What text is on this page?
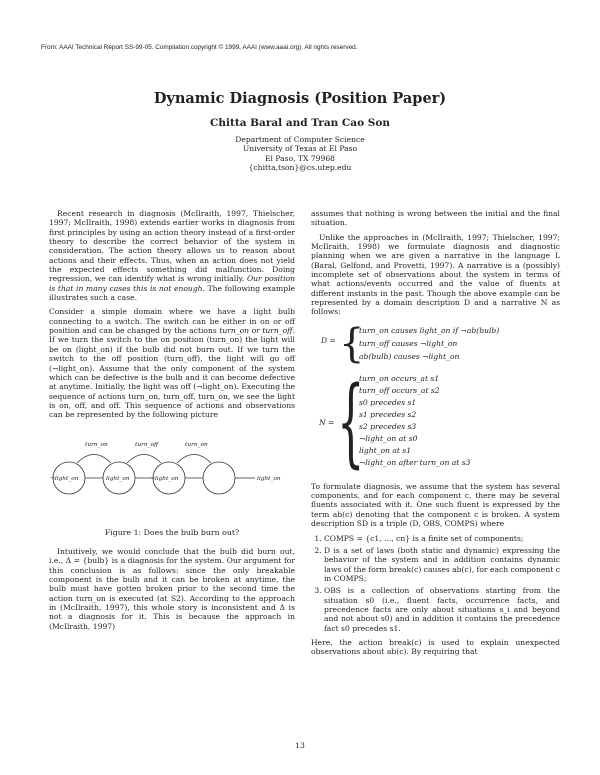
From: AAAI Technical Report SS-99-05. Compilation copyright © 1999, AAAI (www.aaai.org). All rights reserved.
Dynamic Diagnosis (Position Paper)
Chitta Baral and Tran Cao Son
Department of Computer Science
University of Texas at El Paso
El Paso, TX 79968
{chitta,tson}@cs.utep.edu

Recent research in diagnosis (McIlraith, 1997, Thielscher, 1997; McIlraith, 1998) extends earlier works in diagnosis from first principles by using an action theory instead of a first-order theory to describe the correct behavior of the system in consideration. The action theory allows us to reason about actions and their effects. Thus, when an action does not yield the expected effects something did malfunction. Doing regression, we can identify what is wrong initially. Our position is that in many cases this is not enough. The following example illustrates such a case.

Consider a simple domain where we have a light bulb connecting to a switch. The switch can be either in on or off position and can be changed by the actions turn_on or turn_off. If we turn the switch to the on position (turn_on) the light will be on (light_on) if the bulb did not burn out. If we turn the switch to the off position (turn_off), the light will go off (¬light_on). Assume that the only component of the system which can be defective is the bulb and it can become defective at anytime. Initially, the light was off (¬light_on). Executing the sequence of actions turn_on, turn_off, turn_on, we see the light is on, off, and off. This sequence of actions and observations can be represented by the following picture

¬light_on	light_on	¬light_on	light_on
turn_on	turn_off	turn_on
Figure 1: Does the bulb burn out?

Intuitively, we would conclude that the bulb did burn out, i.e., Δ = {bulb} is a diagnosis for the system. Our argument for this conclusion is as follows: since the only breakable component is the bulb and it can be broken at anytime, the bulb must have gotten broken prior to the second time the action turn_on is executed (at S2). According to the approach in (McIlraith, 1997), this whole story is inconsistent and Δ is not a diagnosis for it. This is because the approach in (McIlraith, 1997)

assumes that nothing is wrong between the initial and the final situation.

Unlike the approaches in (McIlraith, 1997; Thielscher, 1997; McIlraith, 1998) we formulate diagnosis and diagnostic planning when we are given a narrative in the language L (Baral, Gelfond, and Provetti, 1997). A narrative is a (possibly) incomplete set of observations about the system in terms of what actions/events occurred and the value of fluents at different instants in the past. Though the above example can be represented by a domain description D and a narrative N as follows:

D = {
turn_on causes light_on if ¬ab(bulb)
turn_off causes ¬light_on
ab(bulb) causes ¬light_on
N = {
turn_on occurs_at s1
turn_off occurs_at s2
s0 precedes s1
s1 precedes s2
s2 precedes s3
¬light_on at s0
light_on at s1
¬light_on after turn_on at s3

To formulate diagnosis, we assume that the system has several components, and for each component c, there may be several fluents associated with it. One such fluent is expressed by the term ab(c) denoting that the component c is broken. A system description SD is a triple (D, OBS, COMPS) where

1. COMPS = {c1, ..., cn} is a finite set of components;
2. D is a set of laws (both static and dynamic) expressing the behavior of the system and in addition contains dynamic laws of the form break(c) causes ab(c), for each component c in COMPS;
3. OBS is a collection of observations starting from the situation s0 (i.e., fluent facts, occurrence facts, and precedence facts are only about situations s_i and beyond and not about s0) and in addition it contains the precedence fact s0 precedes s1.

Here, the action break(c) is used to explain unexpected observations about ab(c). By requiring that

13
